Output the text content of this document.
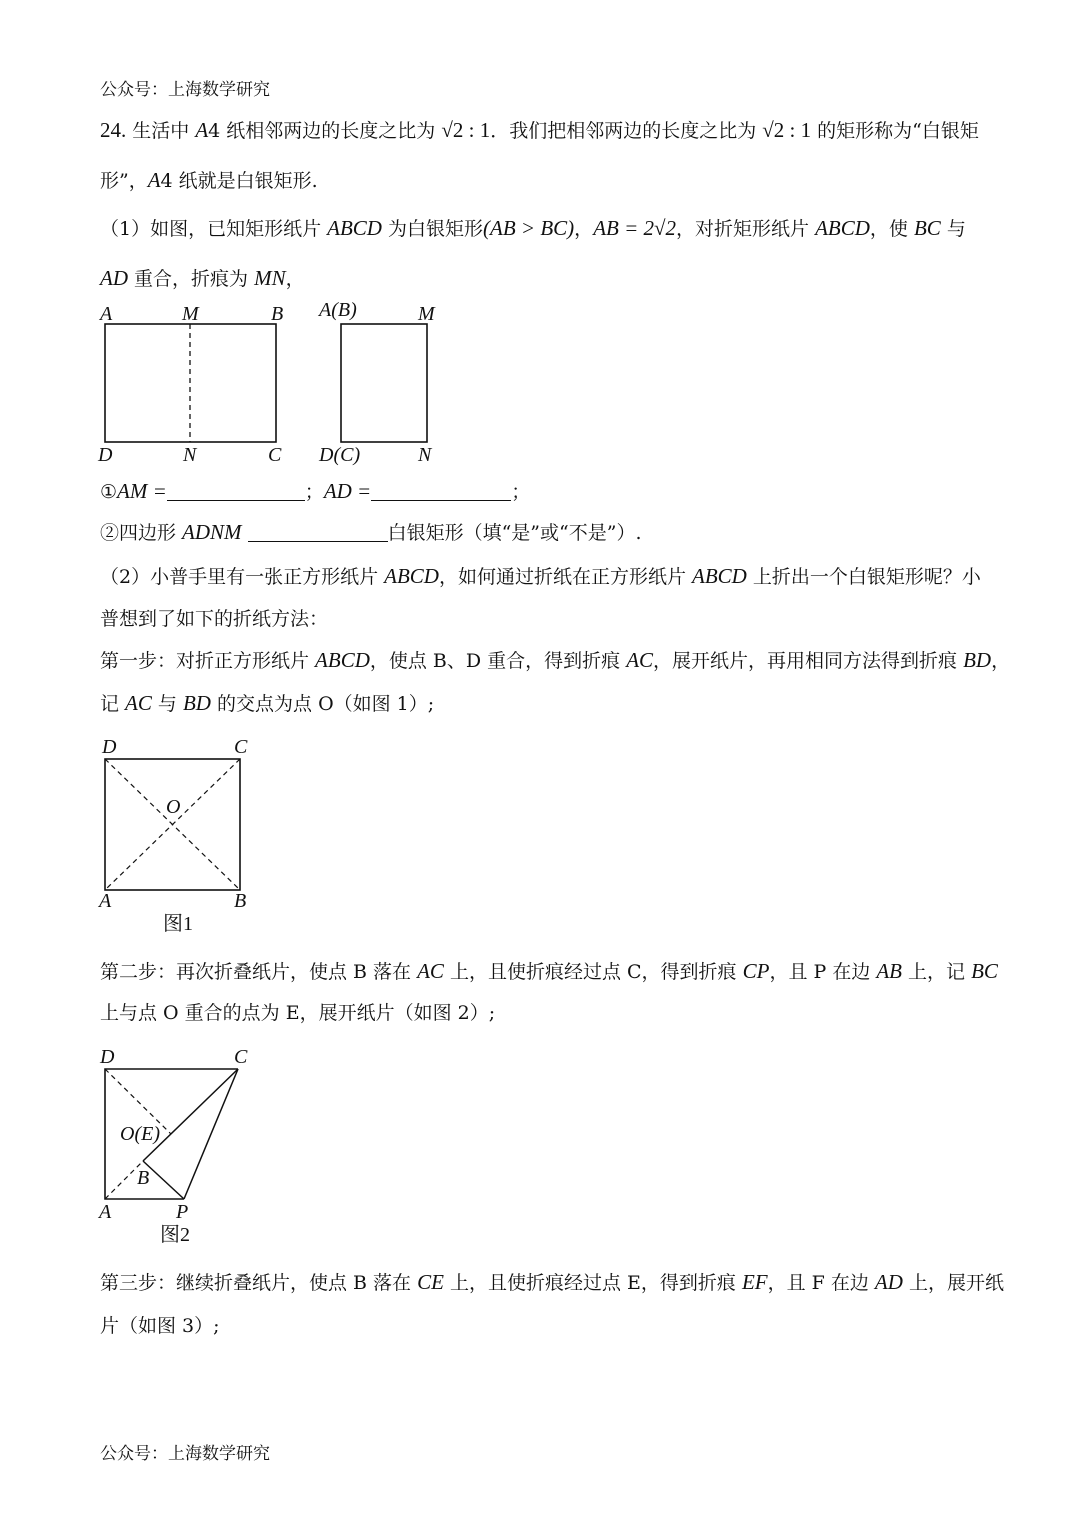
公众号：上海数学研究
24. 生活中 A4 纸相邻两边的长度之比为 √2 : 1．我们把相邻两边的长度之比为 √2 : 1 的矩形称为“白银矩
形”，A4 纸就是白银矩形.
（1）如图，已知矩形纸片 ABCD 为白银矩形(AB > BC)，AB = 2√2，对折矩形纸片 ABCD，使 BC 与
AD 重合，折痕为 MN，
A	M	B
D	N	C
A(B)	M
D(C)	N
①AM =	；AD =	；
②四边形 ADNM	白银矩形（填“是”或“不是”）.
（2）小普手里有一张正方形纸片 ABCD，如何通过折纸在正方形纸片 ABCD 上折出一个白银矩形呢？小
普想到了如下的折纸方法：
第一步：对折正方形纸片 ABCD，使点 B、D 重合，得到折痕 AC，展开纸片，再用相同方法得到折痕 BD，
记 AC 与 BD 的交点为点 O（如图 1）;
D	C
O
A	B
图1
第二步：再次折叠纸片，使点 B 落在 AC 上，且使折痕经过点 C，得到折痕 CP，且 P 在边 AB 上，记 BC
上与点 O 重合的点为 E，展开纸片（如图 2）;
D	C
O(E)
B
A	P
图2
第三步：继续折叠纸片，使点 B 落在 CE 上，且使折痕经过点 E，得到折痕 EF，且 F 在边 AD 上，展开纸
片（如图 3）;
公众号：上海数学研究
